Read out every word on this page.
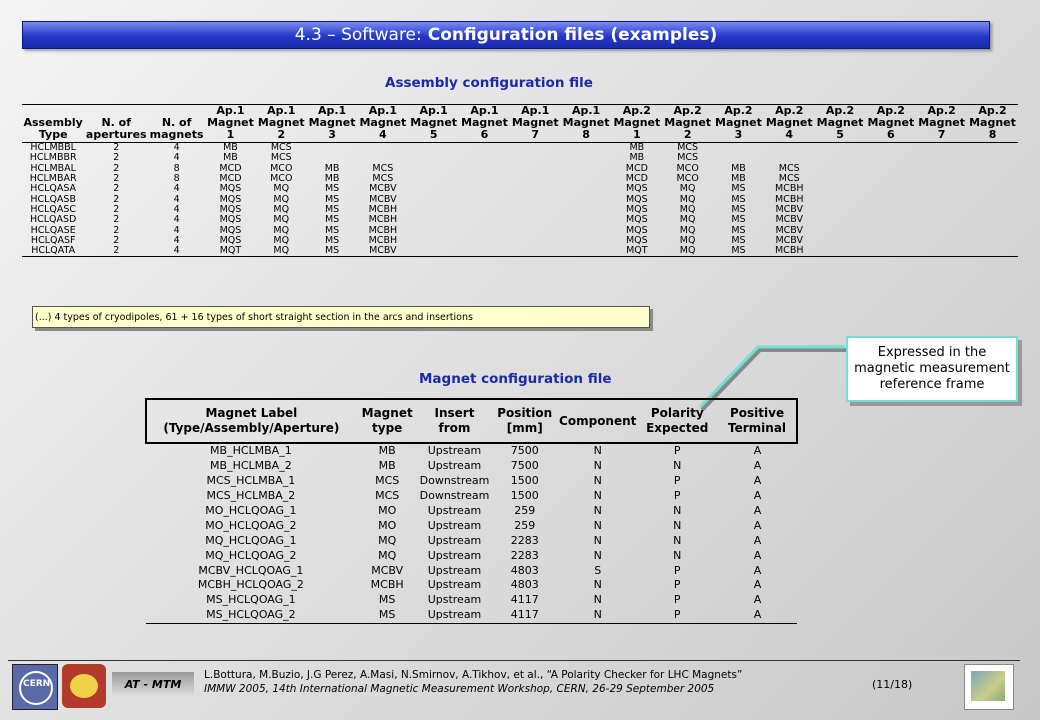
4.3 – Software: Configuration files (examples)
Assembly configuration file
Assembly Type	N. of apertures	N. of magnets	Ap.1 Magnet 1	Ap.1 Magnet 2	Ap.1 Magnet 3	Ap.1 Magnet 4	Ap.1 Magnet 5	Ap.1 Magnet 6	Ap.1 Magnet 7	Ap.1 Magnet 8	Ap.2 Magnet 1	Ap.2 Magnet 2	Ap.2 Magnet 3	Ap.2 Magnet 4	Ap.2 Magnet 5	Ap.2 Magnet 6	Ap.2 Magnet 7	Ap.2 Magnet 8
HCLMBBL	2	4	MB	MCS							MB	MCS						
HCLMBBR	2	4	MB	MCS							MB	MCS						
HCLMBAL	2	8	MCD	MCO	MB	MCS					MCD	MCO	MB	MCS				
HCLMBAR	2	8	MCD	MCO	MB	MCS					MCD	MCO	MB	MCS				
HCLQASA	2	4	MQS	MQ	MS	MCBV					MQS	MQ	MS	MCBH				
HCLQASB	2	4	MQS	MQ	MS	MCBV					MQS	MQ	MS	MCBH				
HCLQASC	2	4	MQS	MQ	MS	MCBH					MQS	MQ	MS	MCBV				
HCLQASD	2	4	MQS	MQ	MS	MCBH					MQS	MQ	MS	MCBV				
HCLQASE	2	4	MQS	MQ	MS	MCBH					MQS	MQ	MS	MCBV				
HCLQASF	2	4	MQS	MQ	MS	MCBH					MQS	MQ	MS	MCBV				
HCLQATA	2	4	MQT	MQ	MS	MCBV					MQT	MQ	MS	MCBH				
(...) 4 types of cryodipoles, 61 + 16 types of short straight section in the arcs and insertions
Expressed in the magnetic measurement reference frame
Magnet configuration file
Magnet Label (Type/Assembly/Aperture)	Magnet type	Insert from	Position [mm]	Component	Polarity Expected	Positive Terminal
MB_HCLMBA_1	MB	Upstream	7500	N	P	A
MB_HCLMBA_2	MB	Upstream	7500	N	N	A
MCS_HCLMBA_1	MCS	Downstream	1500	N	P	A
MCS_HCLMBA_2	MCS	Downstream	1500	N	P	A
MO_HCLQOAG_1	MO	Upstream	259	N	N	A
MO_HCLQOAG_2	MO	Upstream	259	N	N	A
MQ_HCLQOAG_1	MQ	Upstream	2283	N	N	A
MQ_HCLQOAG_2	MQ	Upstream	2283	N	N	A
MCBV_HCLQOAG_1	MCBV	Upstream	4803	S	P	A
MCBH_HCLQOAG_2	MCBH	Upstream	4803	N	P	A
MS_HCLQOAG_1	MS	Upstream	4117	N	P	A
MS_HCLQOAG_2	MS	Upstream	4117	N	P	A
CERN	AT - MTM
L.Bottura, M.Buzio, J.G Perez, A.Masi, N.Smirnov, A.Tikhov, et al., “A Polarity Checker for LHC Magnets”
IMMW 2005, 14th International Magnetic Measurement Workshop, CERN, 26-29 September 2005	(11/18)
